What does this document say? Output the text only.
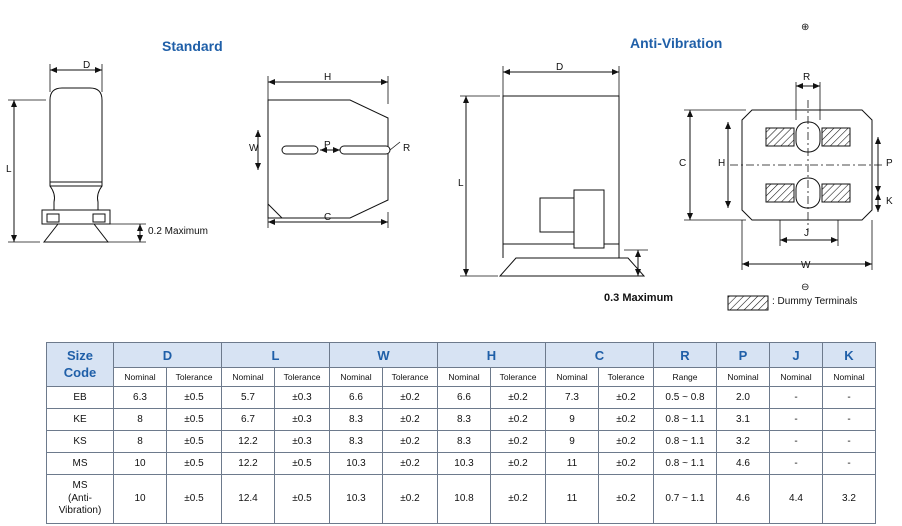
Standard	Anti-Vibration
D
L
0.2 Maximum
H
W	P	R
C
D
L
0.3 Maximum
⊕
⊖
R
C	H	P
K
J
W
: Dummy Terminals
Size
Code	D		L		W		H		C		R	P	J	K
	Nominal	Tolerance	Nominal	Tolerance	Nominal	Tolerance	Nominal	Tolerance	Nominal	Tolerance	Range	Nominal	Nominal	Nominal
EB	6.3	±0.5	5.7	±0.3	6.6	±0.2	6.6	±0.2	7.3	±0.2	0.5 ~ 0.8	2.0	-	-
KE	8	±0.5	6.7	±0.3	8.3	±0.2	8.3	±0.2	9	±0.2	0.8 ~ 1.1	3.1	-	-
KS	8	±0.5	12.2	±0.3	8.3	±0.2	8.3	±0.2	9	±0.2	0.8 ~ 1.1	3.2	-	-
MS	10	±0.5	12.2	±0.5	10.3	±0.2	10.3	±0.2	11	±0.2	0.8 ~ 1.1	4.6	-	-

MS
(Anti-
Vibration)	10	±0.5	12.4	±0.5	10.3	±0.2	10.8	±0.2	11	±0.2	0.7 ~ 1.1	4.6	4.4	3.2
